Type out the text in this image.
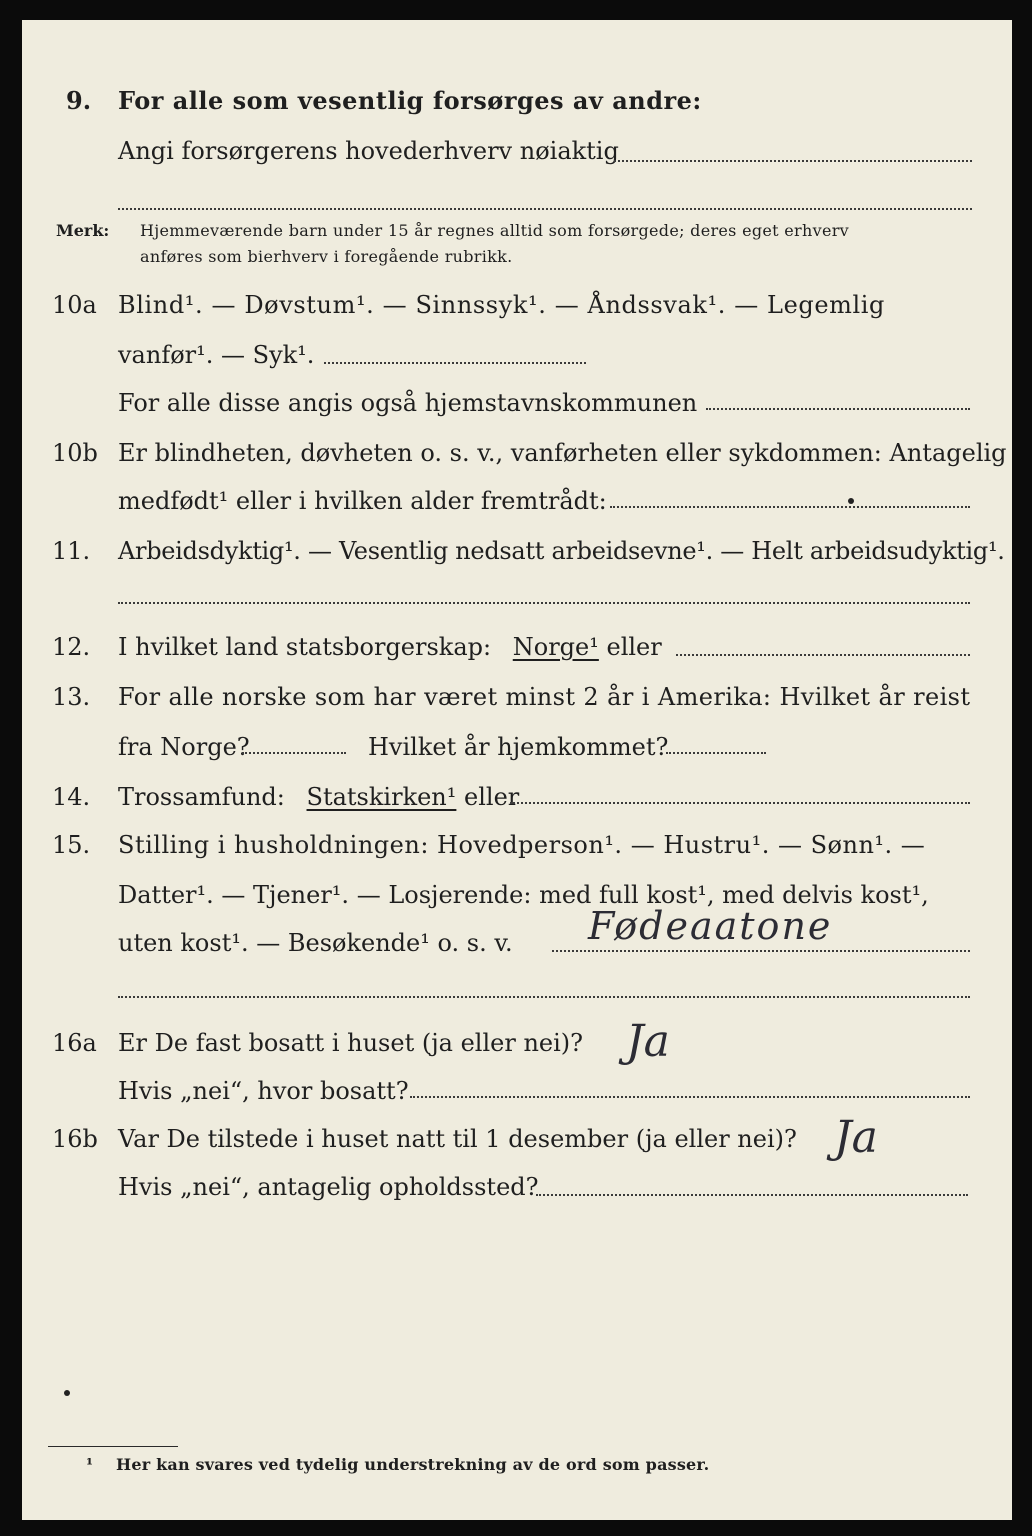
9. For alle som vesentlig forsørges av andre:
Angi forsørgerens hovederhverv nøiaktig
Merk: Hjemmeværende barn under 15 år regnes alltid som forsørgede; deres eget erhverv
anføres som bierhverv i foregående rubrikk.
10a Blind¹. — Døvstum¹. — Sinnssyk¹. — Åndssvak¹. — Legemlig
vanfør¹. — Syk¹.
For alle disse angis også hjemstavnskommunen
10b Er blindheten, døvheten o. s. v., vanførheten eller sykdommen: Antagelig
medfødt¹ eller i hvilken alder fremtrådt:
11. Arbeidsdyktig¹. — Vesentlig nedsatt arbeidsevne¹. — Helt arbeidsudyktig¹.
12. I hvilket land statsborgerskap: Norge¹ eller
13. For alle norske som har været minst 2 år i Amerika: Hvilket år reist
fra Norge?	Hvilket år hjemkommet?
14. Trossamfund: Statskirken¹ eller
15. Stilling i husholdningen: Hovedperson¹. — Hustru¹. — Sønn¹. —
Datter¹. — Tjener¹. — Losjerende: med full kost¹, med delvis kost¹,
uten kost¹. — Besøkende¹ o. s. v. Fødeaatone
16a Er De fast bosatt i huset (ja eller nei)? Ja
Hvis „nei“, hvor bosatt?
16b Var De tilstede i huset natt til 1 desember (ja eller nei)? Ja
Hvis „nei“, antagelig opholdssted?
¹ Her kan svares ved tydelig understrekning av de ord som passer.
